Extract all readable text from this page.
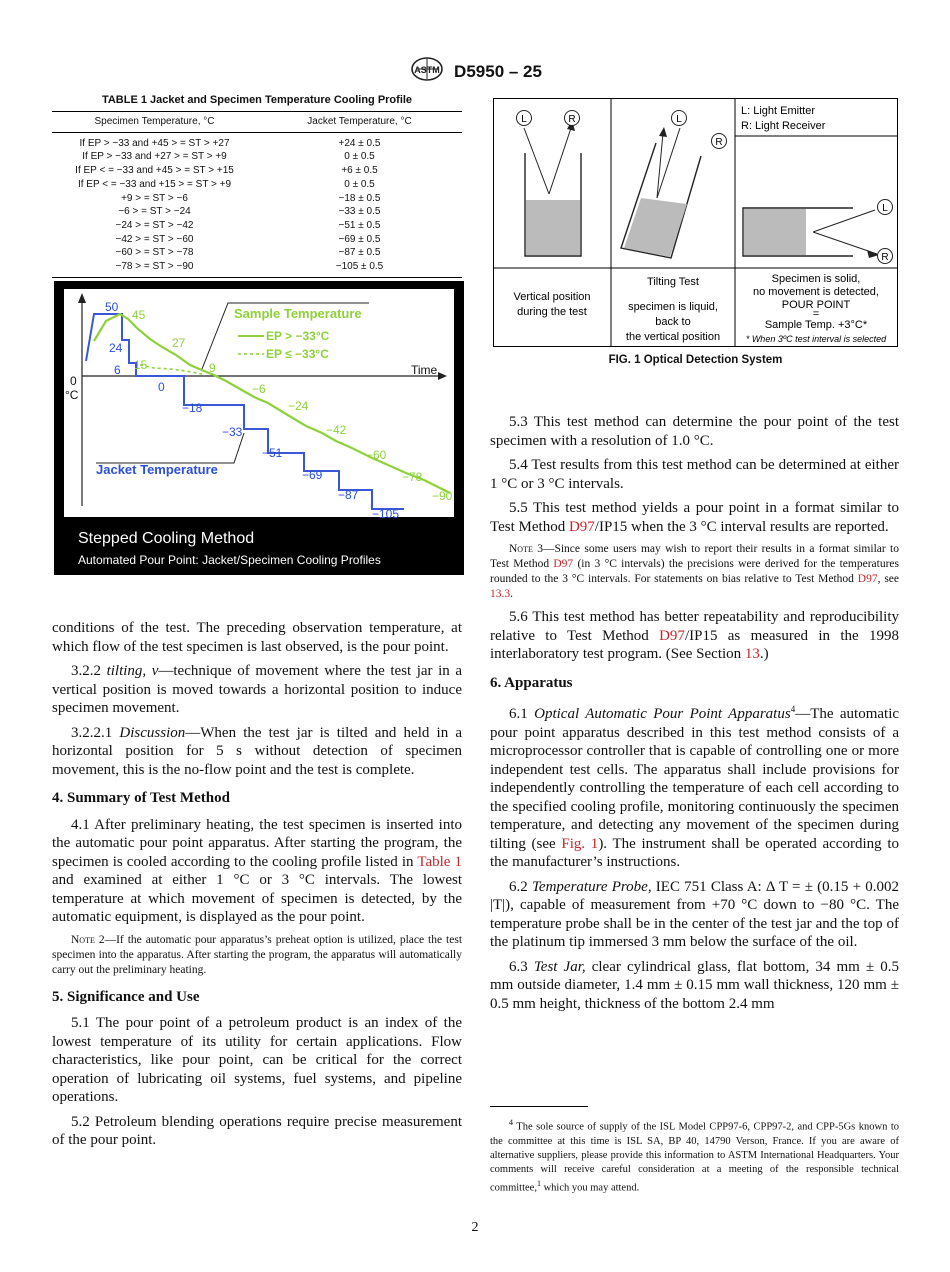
ASTM D5950 – 25
TABLE 1 Jacket and Specimen Temperature Cooling Profile
Specimen Temperature, °C	Jacket Temperature, °C
If EP > −33 and +45 > = ST > +27	+24 ± 0.5
If EP > −33 and +27 > = ST > +9	0 ± 0.5
If EP < = −33 and +45 > = ST > +15	+6 ± 0.5
If EP < = −33 and +15 > = ST > +9	0 ± 0.5
+9 > = ST > −6	−18 ± 0.5
−6 > = ST > −24	−33 ± 0.5
−24 > = ST > −42	−51 ± 0.5
−42 > = ST > −60	−69 ± 0.5
−60 > = ST > −78	−87 ± 0.5
−78 > = ST > −90	−105 ± 0.5
Time
0
°C
50
45
24	27
15
6	9
0	−6
−18	−24
−33	−42
−51	−60
−69	−78
−87	−90
−105
Sample Temperature
EP > −33°C
EP ≤ −33°C
Jacket Temperature
Stepped Cooling Method
Automated Pour Point: Jacket/Specimen Cooling Profiles
L	R	L
R
L: Light Emitter
R: Light Receiver
L
R
Vertical position
during the test
Tilting Test
specimen is liquid,
back to
the vertical position
Specimen is solid,
no movement is detected,
POUR POINT
=
Sample Temp. +3°C*
* When 3ºC test interval is selected
FIG. 1 Optical Detection System

conditions of the test. The preceding observation temperature, at which flow of the test specimen is last observed, is the pour point.

3.2.2 tilting, v—technique of movement where the test jar in a vertical position is moved towards a horizontal position to induce specimen movement.

3.2.2.1 Discussion—When the test jar is tilted and held in a horizontal position for 5 s without detection of specimen movement, this is the no-flow point and the test is complete.

4. Summary of Test Method

4.1 After preliminary heating, the test specimen is inserted into the automatic pour point apparatus. After starting the program, the specimen is cooled according to the cooling profile listed in Table 1 and examined at either 1 °C or 3 °C intervals. The lowest temperature at which movement of specimen is detected, by the automatic equipment, is displayed as the pour point.

Note 2—If the automatic pour apparatus’s preheat option is utilized, place the test specimen into the apparatus. After starting the program, the apparatus will automatically carry out the preliminary heating.

5. Significance and Use

5.1 The pour point of a petroleum product is an index of the lowest temperature of its utility for certain applications. Flow characteristics, like pour point, can be critical for the correct operation of lubricating oil systems, fuel systems, and pipeline operations.

5.2 Petroleum blending operations require precise measurement of the pour point.

5.3 This test method can determine the pour point of the test specimen with a resolution of 1.0 °C.

5.4 Test results from this test method can be determined at either 1 °C or 3 °C intervals.

5.5 This test method yields a pour point in a format similar to Test Method D97/IP15 when the 3 °C interval results are reported.

Note 3—Since some users may wish to report their results in a format similar to Test Method D97 (in 3 °C intervals) the precisions were derived for the temperatures rounded to the 3 °C intervals. For statements on bias relative to Test Method D97, see 13.3.

5.6 This test method has better repeatability and reproducibility relative to Test Method D97/IP15 as measured in the 1998 interlaboratory test program. (See Section 13.)

6. Apparatus

6.1 Optical Automatic Pour Point Apparatus$^4$—The automatic pour point apparatus described in this test method consists of a microprocessor controller that is capable of controlling one or more independent test cells. The apparatus shall include provisions for independently controlling the temperature of each cell according to the specified cooling profile, monitoring continuously the specimen temperature, and detecting any movement of the specimen during tilting (see Fig. 1). The instrument shall be operated according to the manufacturer’s instructions.

6.2 Temperature Probe, IEC 751 Class A: Δ T = ± (0.15 + 0.002 |T|), capable of measurement from +70 °C down to −80 °C. The temperature probe shall be in the center of the test jar and the top of the platinum tip immersed 3 mm below the surface of the oil.

6.3 Test Jar, clear cylindrical glass, flat bottom, 34 mm ± 0.5 mm outside diameter, 1.4 mm ± 0.15 mm wall thickness, 120 mm ± 0.5 mm height, thickness of the bottom 2.4 mm

$^4$ The sole source of supply of the ISL Model CPP97-6, CPP97-2, and CPP-5Gs known to the committee at this time is ISL SA, BP 40, 14790 Verson, France. If you are aware of alternative suppliers, please provide this information to ASTM International Headquarters. Your comments will receive careful consideration at a meeting of the responsible technical committee,$^1$ which you may attend.
2
